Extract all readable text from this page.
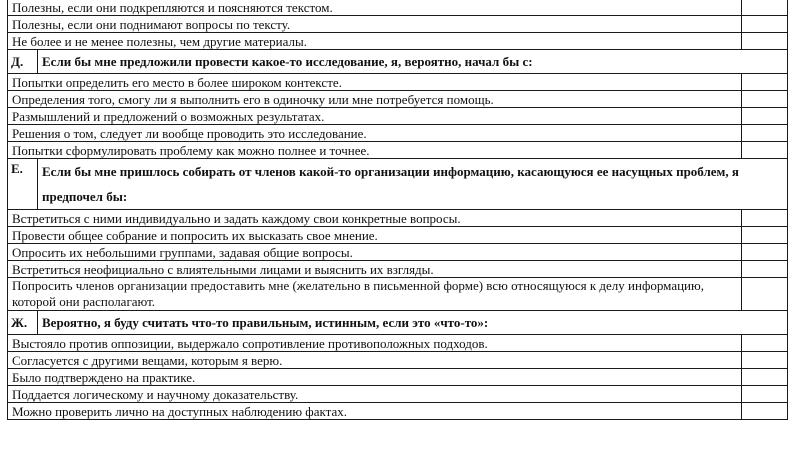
Полезны, если они подкрепляются и поясняются текстом.		
Полезны, если они поднимают вопросы по тексту.		
Не более и не менее полезны, чем другие материалы.		
Д.	Если бы мне предложили провести какое-то исследование, я, вероятно, начал бы с:	
Попытки определить его место в более широком контексте.		
Определения того, смогу ли я выполнить его в одиночку или мне потребуется помощь.		
Размышлений и предложений о возможных результатах.		
Решения о том, следует ли вообще проводить это исследование.		
Попытки сформулировать проблему как можно полнее и точнее.		
Е.	Если бы мне пришлось собирать от членов какой-то организации информацию, касающуюся ее насущных проблем, я предпочел бы:	
Встретиться с ними индивидуально и задать каждому свои конкретные вопросы.		
Провести общее собрание и попросить их высказать свое мнение.		
Опросить их небольшими группами, задавая общие вопросы.		
Встретиться неофициально с влиятельными лицами и выяснить их взгляды.		
Попросить членов организации предоставить мне (желательно в письменной форме) всю относящуюся к делу информацию, которой они располагают.		
Ж.	Вероятно, я буду считать что-то правильным, истинным, если это «что-то»:	
Выстояло против оппозиции, выдержало сопротивление противоположных подходов.		
Согласуется с другими вещами, которым я верю.		
Было подтверждено на практике.		
Поддается логическому и научному доказательству.		
Можно проверить лично на доступных наблюдению фактах.		
